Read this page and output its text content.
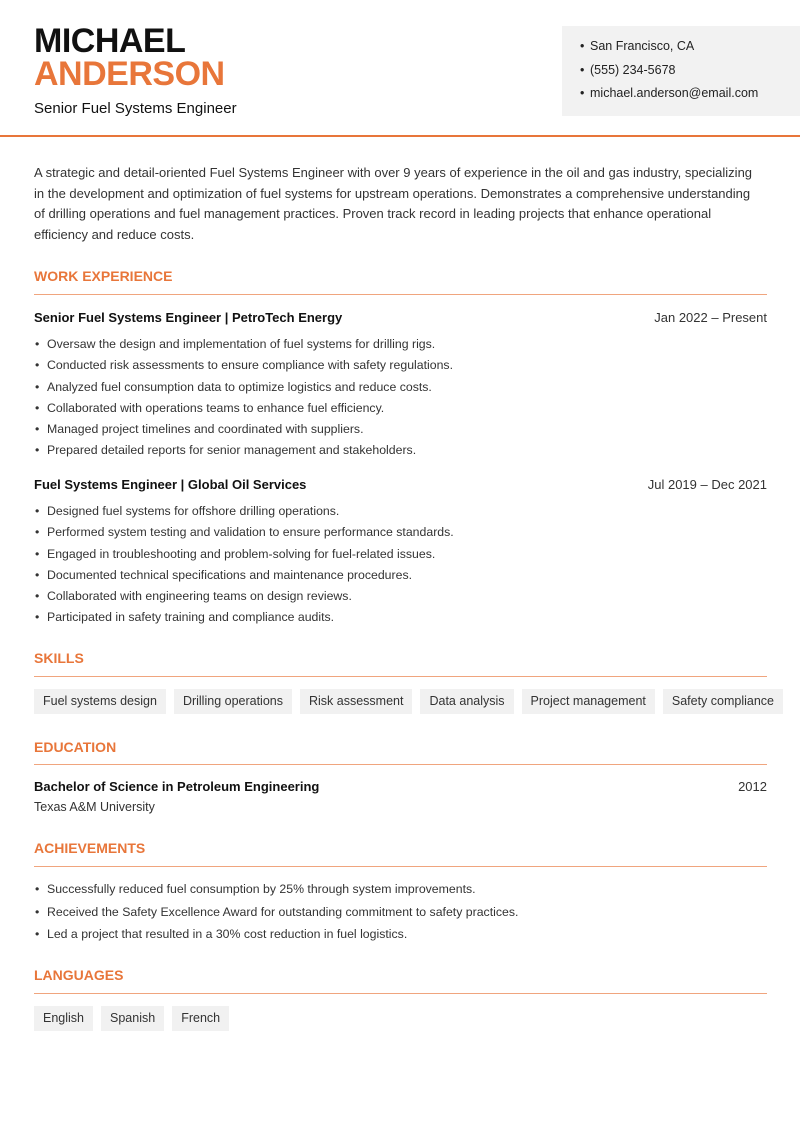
MICHAEL
ANDERSON
Senior Fuel Systems Engineer
• San Francisco, CA
• (555) 234-5678
• michael.anderson@email.com

A strategic and detail-oriented Fuel Systems Engineer with over 9 years of experience in the oil and gas industry, specializing in the development and optimization of fuel systems for upstream operations. Demonstrates a comprehensive understanding of drilling operations and fuel management practices. Proven track record in leading projects that enhance operational efficiency and reduce costs.

WORK EXPERIENCE
Senior Fuel Systems Engineer | PetroTech Energy	Jan 2022 – Present
• Oversaw the design and implementation of fuel systems for drilling rigs.
• Conducted risk assessments to ensure compliance with safety regulations.
• Analyzed fuel consumption data to optimize logistics and reduce costs.
• Collaborated with operations teams to enhance fuel efficiency.
• Managed project timelines and coordinated with suppliers.
• Prepared detailed reports for senior management and stakeholders.
Fuel Systems Engineer | Global Oil Services	Jul 2019 – Dec 2021
• Designed fuel systems for offshore drilling operations.
• Performed system testing and validation to ensure performance standards.
• Engaged in troubleshooting and problem-solving for fuel-related issues.
• Documented technical specifications and maintenance procedures.
• Collaborated with engineering teams on design reviews.
• Participated in safety training and compliance audits.
SKILLS
Fuel systems design	Drilling operations	Risk assessment	Data analysis	Project management	Safety compliance
EDUCATION
Bachelor of Science in Petroleum Engineering	2012
Texas A&M University
ACHIEVEMENTS
• Successfully reduced fuel consumption by 25% through system improvements.
• Received the Safety Excellence Award for outstanding commitment to safety practices.
• Led a project that resulted in a 30% cost reduction in fuel logistics.
LANGUAGES
English	Spanish	French
